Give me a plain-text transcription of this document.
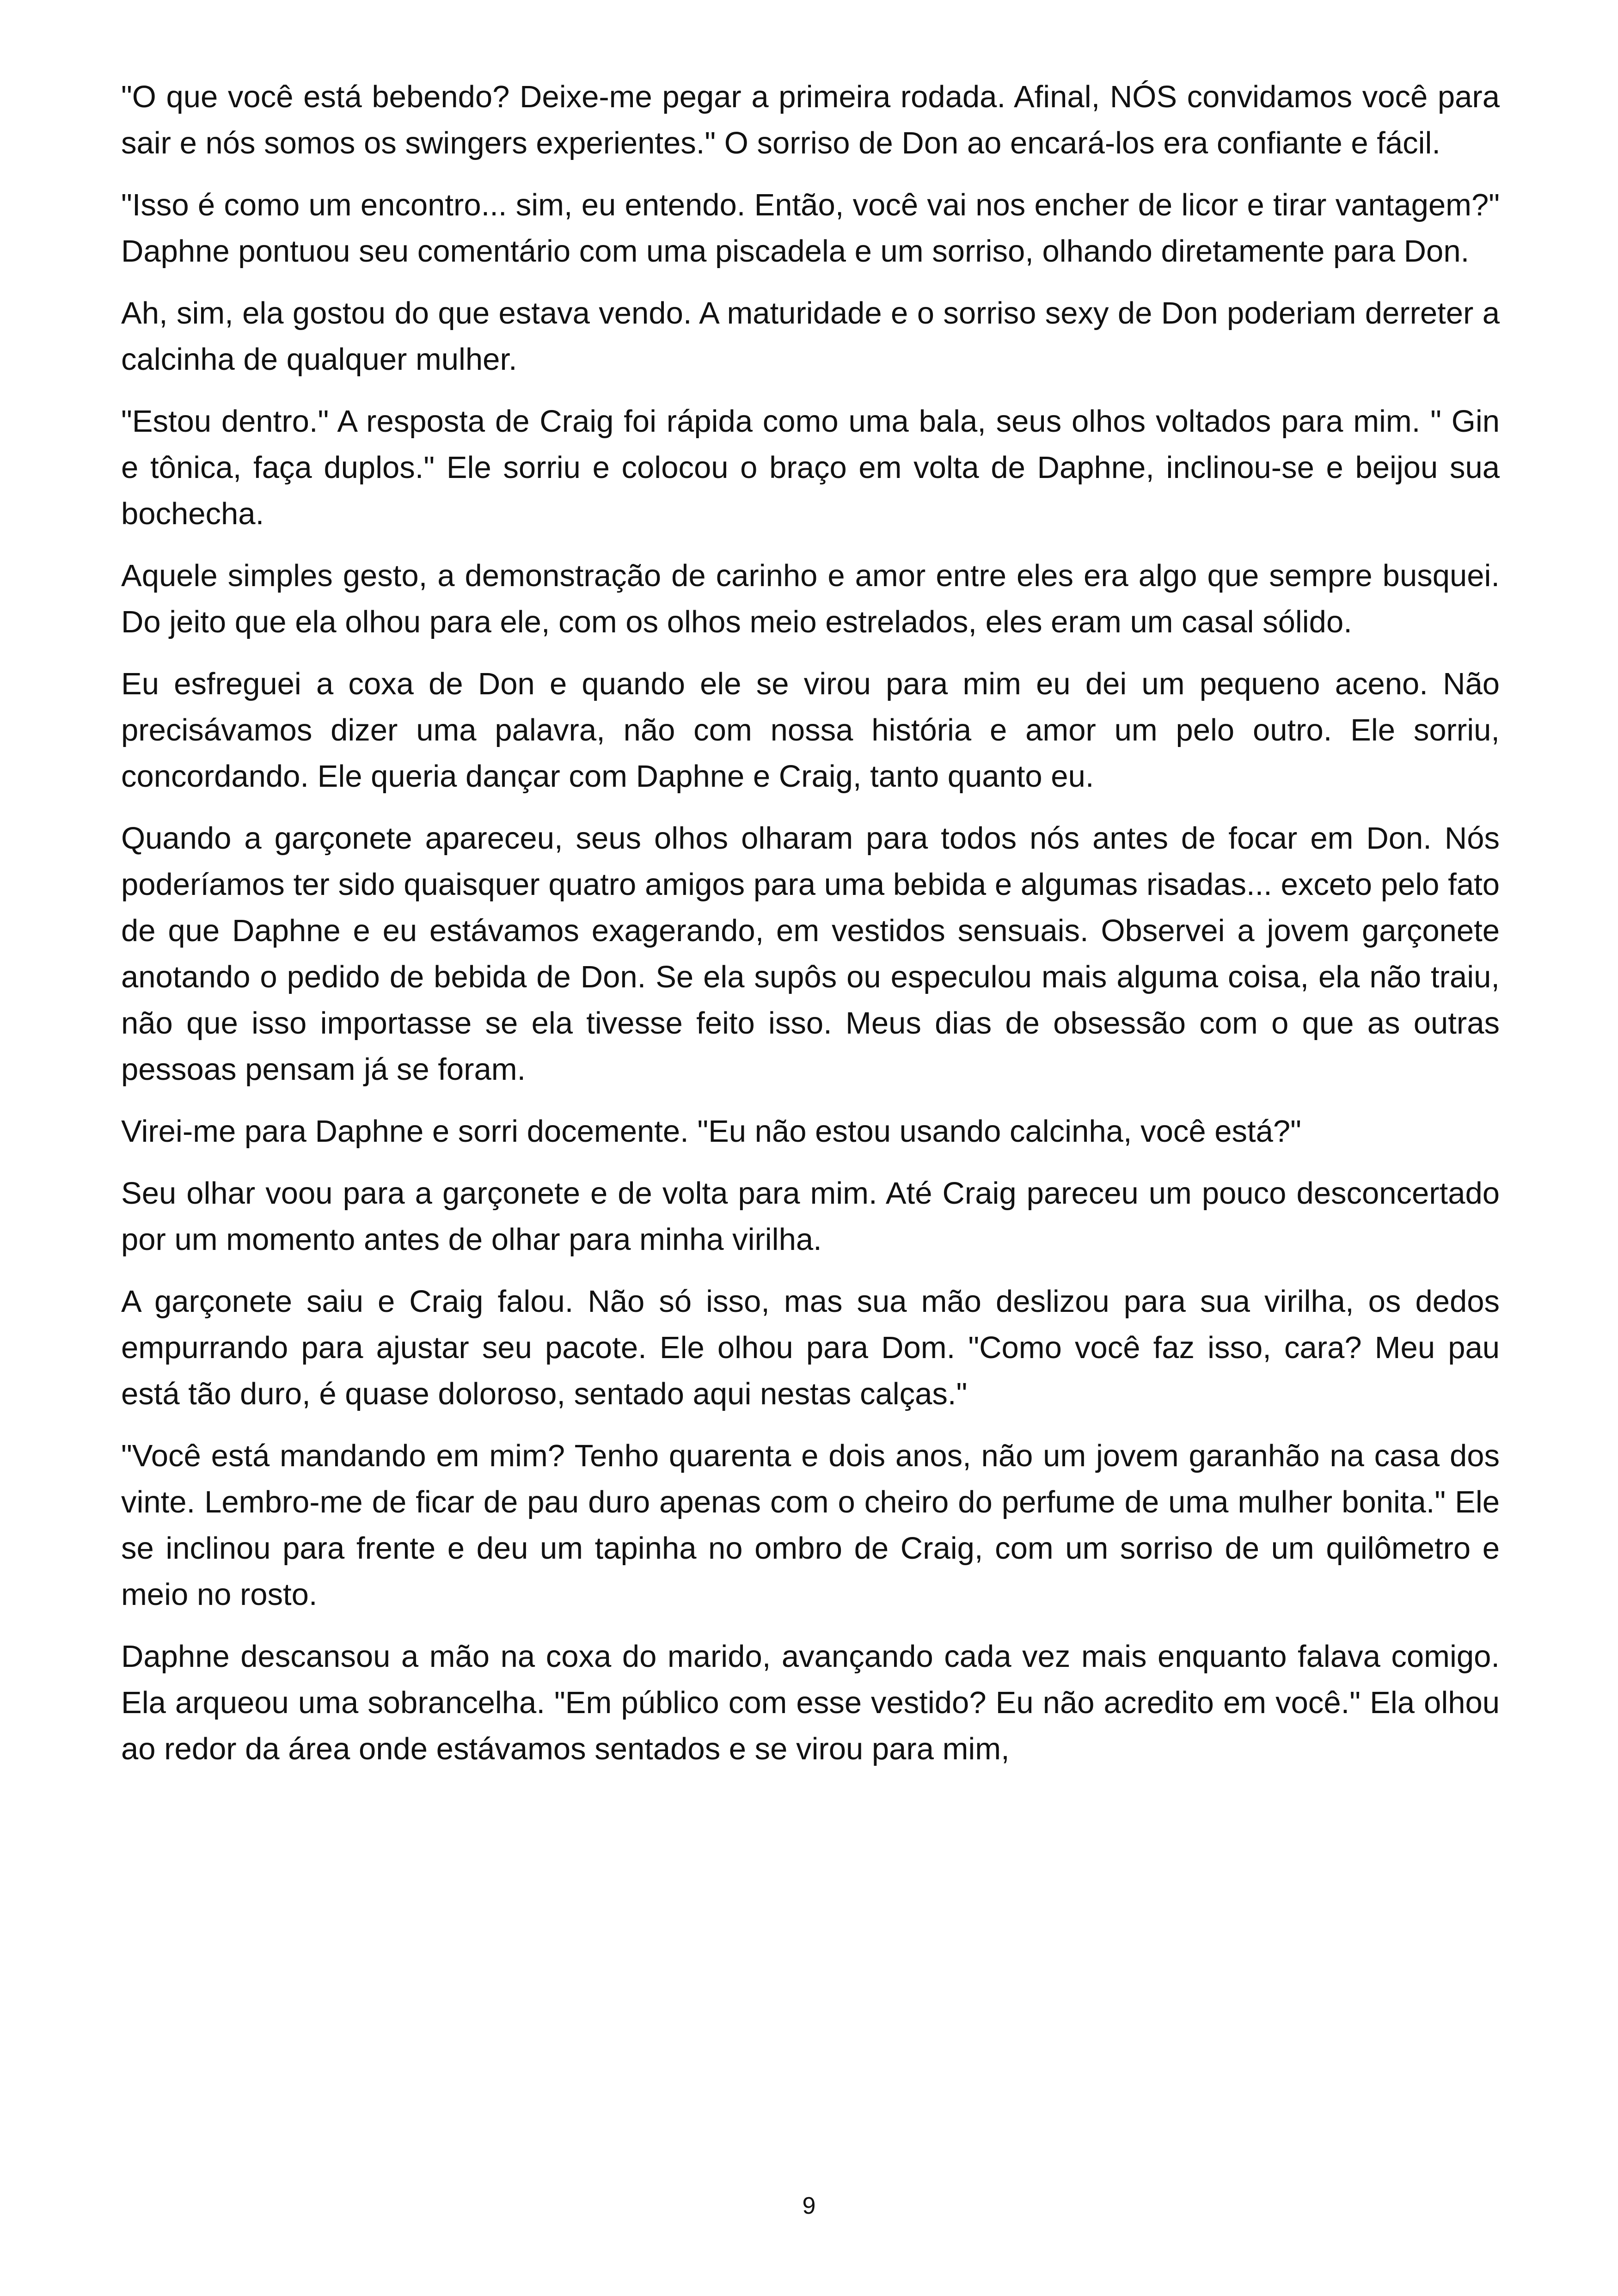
"O que você está bebendo? Deixe-me pegar a primeira rodada. Afinal, NÓS convidamos você para sair e nós somos os swingers experientes." O sorriso de Don ao encará-los era confiante e fácil.

"Isso é como um encontro... sim, eu entendo. Então, você vai nos encher de licor e tirar vantagem?" Daphne pontuou seu comentário com uma piscadela e um sorriso, olhando diretamente para Don.

Ah, sim, ela gostou do que estava vendo. A maturidade e o sorriso sexy de Don poderiam derreter a calcinha de qualquer mulher.

"Estou dentro." A resposta de Craig foi rápida como uma bala, seus olhos voltados para mim. " Gin e tônica, faça duplos." Ele sorriu e colocou o braço em volta de Daphne, inclinou-se e beijou sua bochecha.

Aquele simples gesto, a demonstração de carinho e amor entre eles era algo que sempre busquei. Do jeito que ela olhou para ele, com os olhos meio estrelados, eles eram um casal sólido.

Eu esfreguei a coxa de Don e quando ele se virou para mim eu dei um pequeno aceno. Não precisávamos dizer uma palavra, não com nossa história e amor um pelo outro. Ele sorriu, concordando. Ele queria dançar com Daphne e Craig, tanto quanto eu.

Quando a garçonete apareceu, seus olhos olharam para todos nós antes de focar em Don. Nós poderíamos ter sido quaisquer quatro amigos para uma bebida e algumas risadas... exceto pelo fato de que Daphne e eu estávamos exagerando, em vestidos sensuais. Observei a jovem garçonete anotando o pedido de bebida de Don. Se ela supôs ou especulou mais alguma coisa, ela não traiu, não que isso importasse se ela tivesse feito isso. Meus dias de obsessão com o que as outras pessoas pensam já se foram.

Virei-me para Daphne e sorri docemente. "Eu não estou usando calcinha, você está?"

Seu olhar voou para a garçonete e de volta para mim. Até Craig pareceu um pouco desconcertado por um momento antes de olhar para minha virilha.

A garçonete saiu e Craig falou. Não só isso, mas sua mão deslizou para sua virilha, os dedos empurrando para ajustar seu pacote. Ele olhou para Dom. "Como você faz isso, cara? Meu pau está tão duro, é quase doloroso, sentado aqui nestas calças."

"Você está mandando em mim? Tenho quarenta e dois anos, não um jovem garanhão na casa dos vinte. Lembro-me de ficar de pau duro apenas com o cheiro do perfume de uma mulher bonita." Ele se inclinou para frente e deu um tapinha no ombro de Craig, com um sorriso de um quilômetro e meio no rosto.

Daphne descansou a mão na coxa do marido, avançando cada vez mais enquanto falava comigo. Ela arqueou uma sobrancelha. "Em público com esse vestido? Eu não acredito em você." Ela olhou ao redor da área onde estávamos sentados e se virou para mim,

9
